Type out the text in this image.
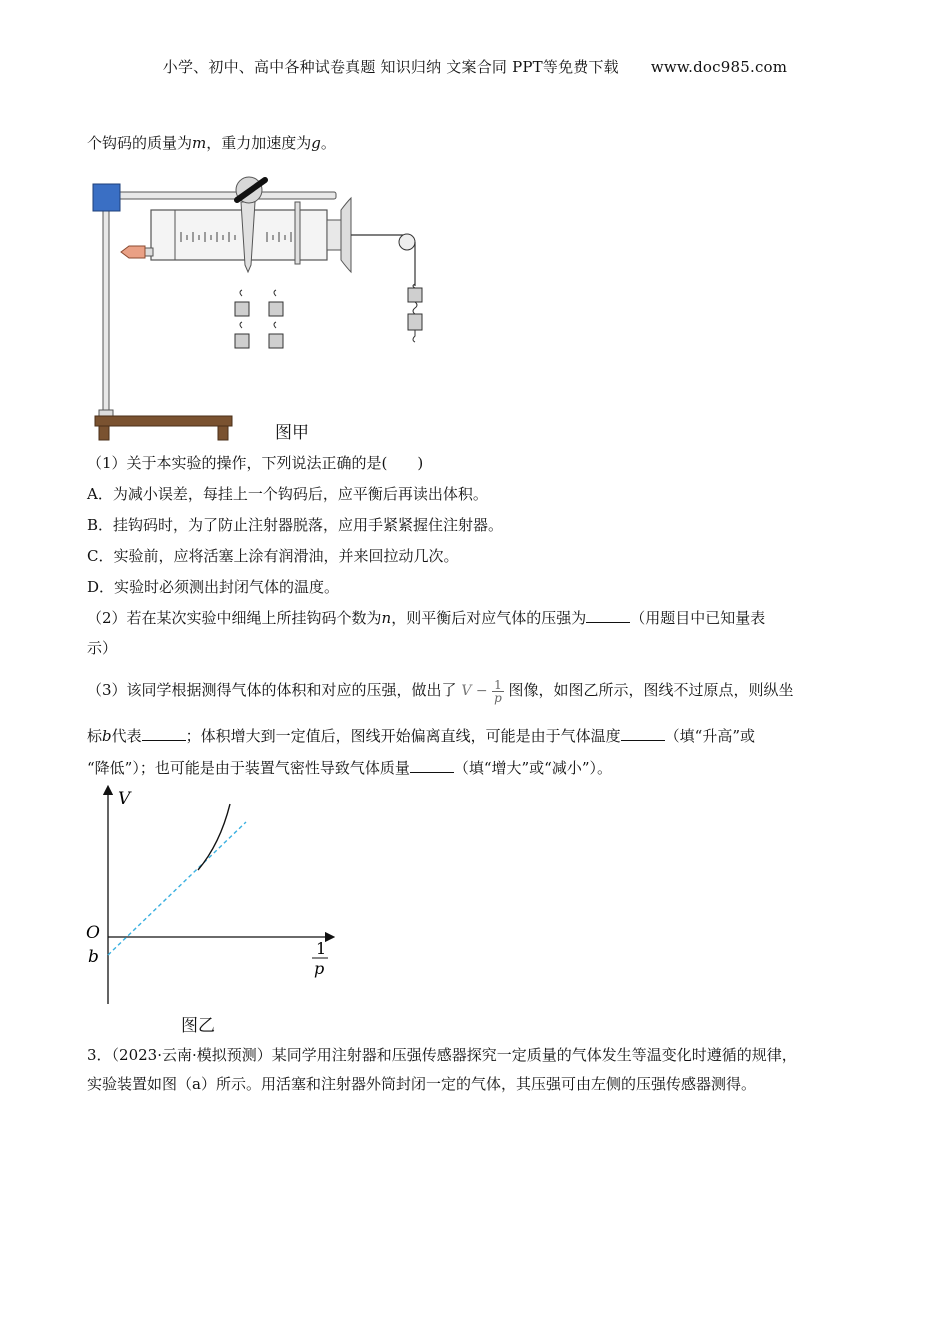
小学、初中、高中各种试卷真题 知识归纳 文案合同 PPT等免费下载 www.doc985.com
个钩码的质量为m，重力加速度为g。
图甲
（1）关于本实验的操作，下列说法正确的是(　　)
A．为减小误差，每挂上一个钩码后，应平衡后再读出体积。
B．挂钩码时，为了防止注射器脱落，应用手紧紧握住注射器。
C．实验前，应将活塞上涂有润滑油，并来回拉动几次。
D．实验时必须测出封闭气体的温度。
（2）若在某次实验中细绳上所挂钩码个数为n，则平衡后对应气体的压强为	（用题目中已知量表
示）
（3）该同学根据测得气体的体积和对应的压强，做出了 $V - \frac{1}{p}$ 图像，如图乙所示，图线不过原点，则纵坐
标b代表	；体积增大到一定值后，图线开始偏离直线，可能是由于气体温度	（填“升高”或
“降低”）；也可能是由于装置气密性导致气体质量	（填“增大”或“减小”）。
V
O
b	1
p
图乙
3．（2023·云南·模拟预测）某同学用注射器和压强传感器探究一定质量的气体发生等温变化时遵循的规律，
实验装置如图（a）所示。用活塞和注射器外筒封闭一定的气体，其压强可由左侧的压强传感器测得。
